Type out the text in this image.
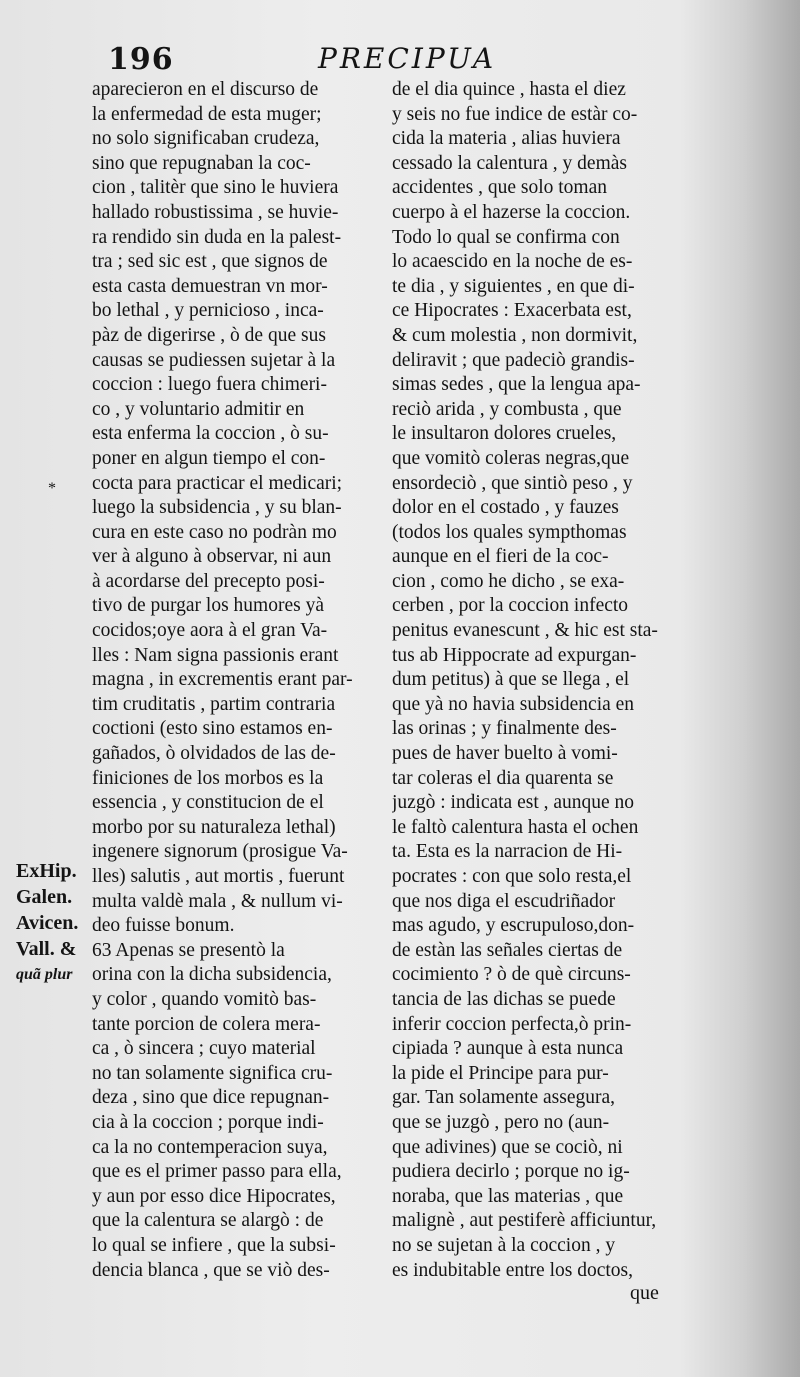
196	PRECIPUA
*
ExHip.
Galen.
Avicen.
Vall. &
quã plur
aparecieron en el discurso de
la enfermedad de esta muger;
no solo significaban crudeza,
sino que repugnaban la coc-
cion , talitèr que sino le huviera
hallado robustissima , se huvie-
ra rendido sin duda en la palest-
tra ; sed sic est , que signos de
esta casta demuestran vn mor-
bo lethal , y pernicioso , inca-
pàz de digerirse , ò de que sus
causas se pudiessen sujetar à la
coccion : luego fuera chimeri-
co , y voluntario admitir en
esta enferma la coccion , ò su-
poner en algun tiempo el con-
cocta para practicar el medicari;
luego la subsidencia , y su blan-
cura en este caso no podràn mo
ver à alguno à observar, ni aun
à acordarse del precepto posi-
tivo de purgar los humores yà
cocidos;oye aora à el gran Va-
lles : Nam signa passionis erant
magna , in excrementis erant par-
tim cruditatis , partim contraria
coctioni (esto sino estamos en-
gañados, ò olvidados de las de-
finiciones de los morbos es la
essencia , y constitucion de el
morbo por su naturaleza lethal)
ingenere signorum (prosigue Va-
lles) salutis , aut mortis , fuerunt
multa valdè mala , & nullum vi-
deo fuisse bonum.
63 Apenas se presentò la
orina con la dicha subsidencia,
y color , quando vomitò bas-
tante porcion de colera mera-
ca , ò sincera ; cuyo material
no tan solamente significa cru-
deza , sino que dice repugnan-
cia à la coccion ; porque indi-
ca la no contemperacion suya,
que es el primer passo para ella,
y aun por esso dice Hipocrates,
que la calentura se alargò : de
lo qual se infiere , que la subsi-
dencia blanca , que se viò des-
de el dia quince , hasta el diez
y seis no fue indice de estàr co-
cida la materia , alias huviera
cessado la calentura , y demàs
accidentes , que solo toman
cuerpo à el hazerse la coccion.
Todo lo qual se confirma con
lo acaescido en la noche de es-
te dia , y siguientes , en que di-
ce Hipocrates : Exacerbata est,
& cum molestia , non dormivit,
deliravit ; que padeciò grandis-
simas sedes , que la lengua apa-
reciò arida , y combusta , que
le insultaron dolores crueles,
que vomitò coleras negras,que
ensordeciò , que sintiò peso , y
dolor en el costado , y fauzes
(todos los quales sympthomas
aunque en el fieri de la coc-
cion , como he dicho , se exa-
cerben , por la coccion infecto
penitus evanescunt , & hic est sta-
tus ab Hippocrate ad expurgan-
dum petitus) à que se llega , el
que yà no havia subsidencia en
las orinas ; y finalmente des-
pues de haver buelto à vomi-
tar coleras el dia quarenta se
juzgò : indicata est , aunque no
le faltò calentura hasta el ochen
ta. Esta es la narracion de Hi-
pocrates : con que solo resta,el
que nos diga el escudriñador
mas agudo, y escrupuloso,don-
de estàn las señales ciertas de
cocimiento ? ò de què circuns-
tancia de las dichas se puede
inferir coccion perfecta,ò prin-
cipiada ? aunque à esta nunca
la pide el Principe para pur-
gar. Tan solamente assegura,
que se juzgò , pero no (aun-
que adivines) que se cociò, ni
pudiera decirlo ; porque no ig-
noraba, que las materias , que
malignè , aut pestiferè afficiuntur,
no se sujetan à la coccion , y
es indubitable entre los doctos,
que
